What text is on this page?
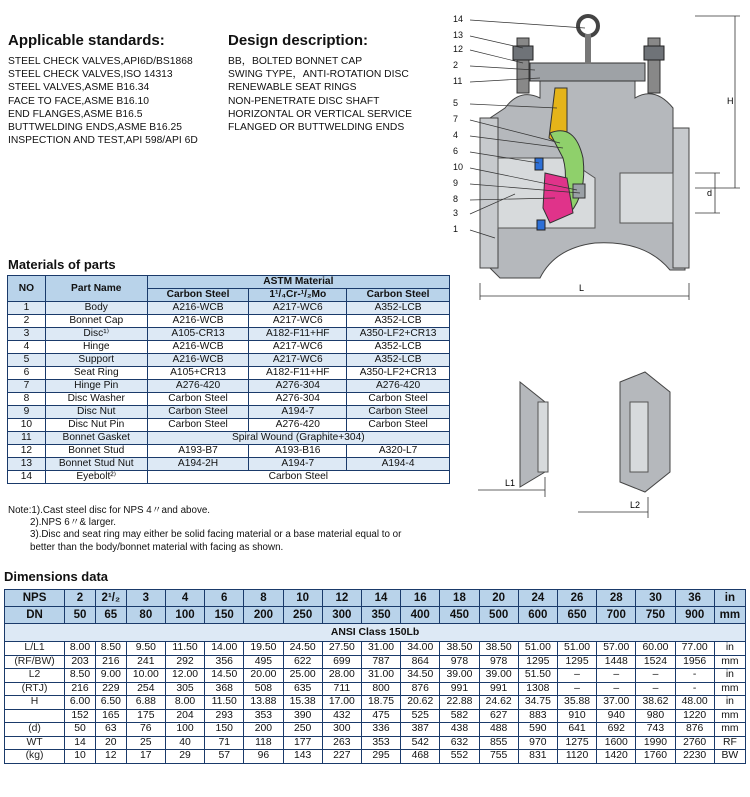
Applicable standards:
STEEL CHECK VALVES,API6D/BS1868
STEEL CHECK VALVES,ISO 14313
STEEL VALVES,ASME B16.34
FACE TO FACE,ASME B16.10
END FLANGES,ASME B16.5
BUTTWELDING ENDS,ASME B16.25
INSPECTION AND TEST,API 598/API 6D
Design description:
BB，BOLTED BONNET CAP
SWING TYPE，ANTI-ROTATION DISC
RENEWABLE SEAT RINGS
NON-PENETRATE DISC SHAFT
HORIZONTAL OR VERTICAL SERVICE
FLANGED OR BUTTWELDING ENDS
14
13
12
2
11
5
7
4
6
10
9
8
3
1
H
d
L
L1
L2
Materials of parts
NO	Part Name	ASTM Material		
		Carbon Steel	1¹/₄Cr-¹/₂Mo	Carbon Steel
1	Body	A216-WCB	A217-WC6	A352-LCB
2	Bonnet Cap	A216-WCB	A217-WC6	A352-LCB
3	Disc¹⁾	A105-CR13	A182-F11+HF	A350-LF2+CR13
4	Hinge	A216-WCB	A217-WC6	A352-LCB
5	Support	A216-WCB	A217-WC6	A352-LCB
6	Seat Ring	A105+CR13	A182-F11+HF	A350-LF2+CR13
7	Hinge Pin	A276-420	A276-304	A276-420
8	Disc Washer	Carbon Steel	A276-304	Carbon Steel
9	Disc Nut	Carbon Steel	A194-7	Carbon Steel
10	Disc Nut Pin	Carbon Steel	A276-420	Carbon Steel
11	Bonnet Gasket	Spiral Wound (Graphite+304)		
12	Bonnet Stud	A193-B7	A193-B16	A320-L7
13	Bonnet Stud Nut	A194-2H	A194-7	A194-4
14	Eyebolt²⁾	Carbon Steel		
Note:1).Cast steel disc for NPS 4〃and above.
2).NPS 6〃& larger.
3).Disc and seat ring may either be solid facing material or a base material equal to or better than the body/bonnet material with facing as shown.
Dimensions data
NPS	2	2¹/₂	3	4	6	8	10	12	14	16	18	20	24	26	28	30	36	in
DN	50	65	80	100	150	200	250	300	350	400	450	500	600	650	700	750	900	mm
ANSI Class 150Lb																		
L/L1	8.00	8.50	9.50	11.50	14.00	19.50	24.50	27.50	31.00	34.00	38.50	38.50	51.00	51.00	57.00	60.00	77.00	in
(RF/BW)	203	216	241	292	356	495	622	699	787	864	978	978	1295	1295	1448	1524	1956	mm
L2	8.50	9.00	10.00	12.00	14.50	20.00	25.00	28.00	31.00	34.50	39.00	39.00	51.50	–	–	–	-	in
(RTJ)	216	229	254	305	368	508	635	711	800	876	991	991	1308	–	–	–	-	mm
H	6.00	6.50	6.88	8.00	11.50	13.88	15.38	17.00	18.75	20.62	22.88	24.62	34.75	35.88	37.00	38.62	48.00	in
	152	165	175	204	293	353	390	432	475	525	582	627	883	910	940	980	1220	mm
(d)	50	63	76	100	150	200	250	300	336	387	438	488	590	641	692	743	876	mm
WT	14	20	25	40	71	118	177	263	353	542	632	855	970	1275	1600	1990	2760	RF
(kg)	10	12	17	29	57	96	143	227	295	468	552	755	831	1120	1420	1760	2230	BW
